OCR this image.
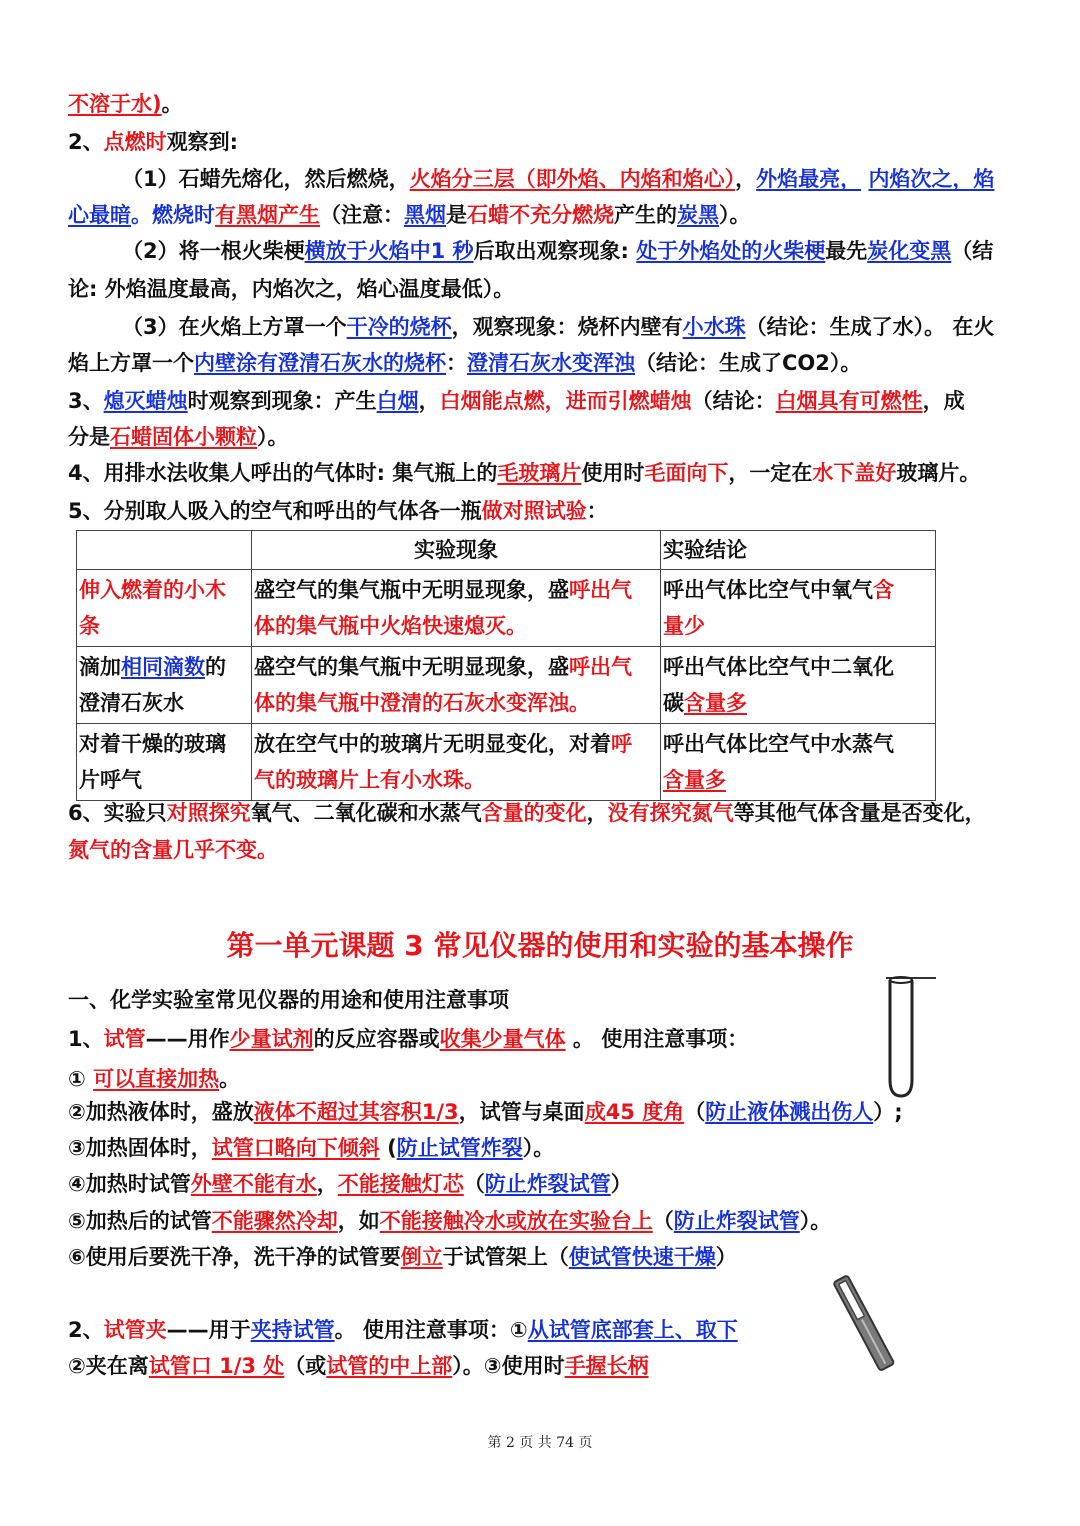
不溶于水)。
2、点燃时观察到:
（1）石蜡先熔化，然后燃烧，火焰分三层（即外焰、内焰和焰心），外焰最亮， 内焰次之，焰
心最暗。燃烧时有黑烟产生（注意：黑烟是石蜡不充分燃烧产生的炭黑）。
（2）将一根火柴梗横放于火焰中1 秒后取出观察现象: 处于外焰处的火柴梗最先炭化变黑（结
论: 外焰温度最高，内焰次之，焰心温度最低）。
（3）在火焰上方罩一个干冷的烧杯，观察现象：烧杯内壁有小水珠（结论：生成了水）。 在火
焰上方罩一个内壁涂有澄清石灰水的烧杯：澄清石灰水变浑浊（结论：生成了CO2）。
3、熄灭蜡烛时观察到现象：产生白烟，白烟能点燃，进而引燃蜡烛（结论：白烟具有可燃性，成
分是石蜡固体小颗粒）。
4、用排水法收集人呼出的气体时: 集气瓶上的毛玻璃片使用时毛面向下，一定在水下盖好玻璃片。
5、分别取人吸入的空气和呼出的气体各一瓶做对照试验：
	实验现象	实验结论
伸入燃着的小木
条	盛空气的集气瓶中无明显现象，盛呼出气
体的集气瓶中火焰快速熄灭。	呼出气体比空气中氧气含
量少
滴加相同滴数的
澄清石灰水	盛空气的集气瓶中无明显现象，盛呼出气
体的集气瓶中澄清的石灰水变浑浊。	呼出气体比空气中二氧化
碳含量多
对着干燥的玻璃
片呼气	放在空气中的玻璃片无明显变化，对着呼
气的玻璃片上有小水珠。	呼出气体比空气中水蒸气
含量多
6、实验只对照探究氧气、二氧化碳和水蒸气含量的变化，没有探究氮气等其他气体含量是否变化，
氮气的含量几乎不变。
第一单元课题 3 常见仪器的使用和实验的基本操作
一、化学实验室常见仪器的用途和使用注意事项
1、试管——用作少量试剂的反应容器或收集少量气体 。 使用注意事项：
① 可以直接加热。
②加热液体时，盛放液体不超过其容积1/3，试管与桌面成45 度角（防止液体溅出伤人）;
③加热固体时，试管口略向下倾斜 (防止试管炸裂）。
④加热时试管外壁不能有水，不能接触灯芯（防止炸裂试管）
⑤加热后的试管不能骤然冷却，如不能接触冷水或放在实验台上（防止炸裂试管）。
⑥使用后要洗干净，洗干净的试管要倒立于试管架上（使试管快速干燥）
2、试管夹——用于夹持试管。 使用注意事项：①从试管底部套上、取下
②夹在离试管口 1/3 处（或试管的中上部）。③使用时手握长柄
第 2 页 共 74 页
